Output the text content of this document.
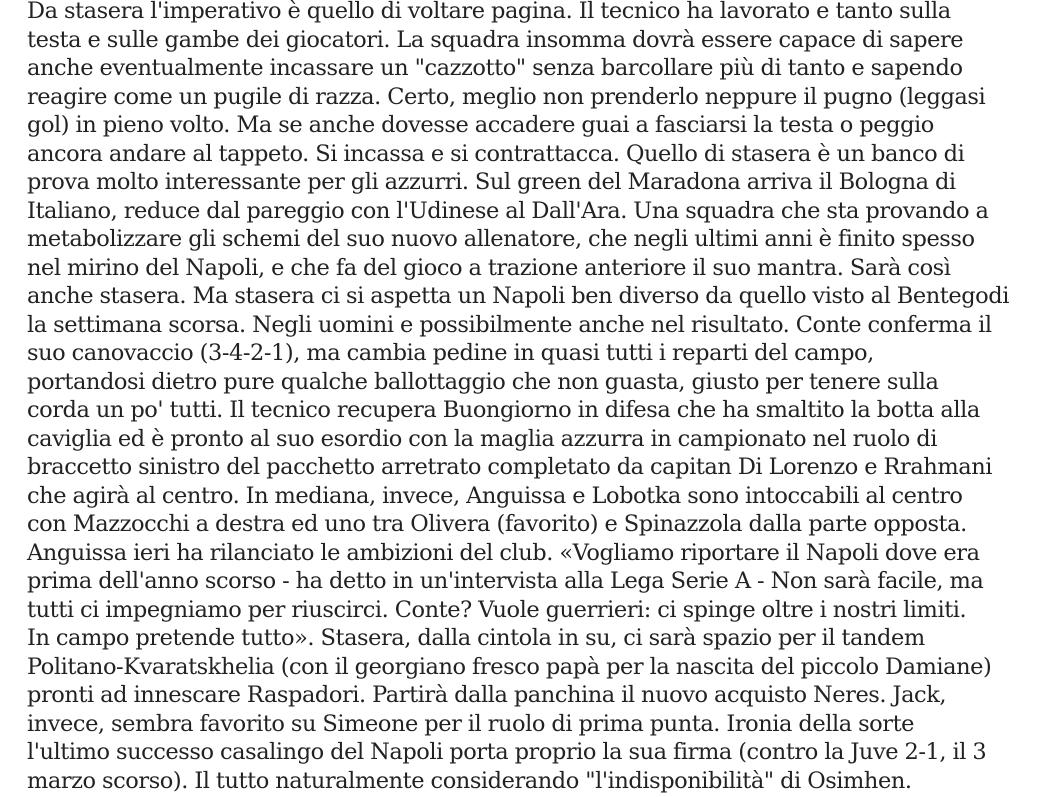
Da stasera l'imperativo è quello di voltare pagina. Il tecnico ha lavorato e tanto sulla
testa e sulle gambe dei giocatori. La squadra insomma dovrà essere capace di sapere
anche eventualmente incassare un "cazzotto" senza barcollare più di tanto e sapendo
reagire come un pugile di razza. Certo, meglio non prenderlo neppure il pugno (leggasi
gol) in pieno volto. Ma se anche dovesse accadere guai a fasciarsi la testa o peggio
ancora andare al tappeto. Si incassa e si contrattacca. Quello di stasera è un banco di
prova molto interessante per gli azzurri. Sul green del Maradona arriva il Bologna di
Italiano, reduce dal pareggio con l'Udinese al Dall'Ara. Una squadra che sta provando a
metabolizzare gli schemi del suo nuovo allenatore, che negli ultimi anni è finito spesso
nel mirino del Napoli, e che fa del gioco a trazione anteriore il suo mantra. Sarà così
anche stasera. Ma stasera ci si aspetta un Napoli ben diverso da quello visto al Bentegodi
la settimana scorsa. Negli uomini e possibilmente anche nel risultato. Conte conferma il
suo canovaccio (3-4-2-1), ma cambia pedine in quasi tutti i reparti del campo,
portandosi dietro pure qualche ballottaggio che non guasta, giusto per tenere sulla
corda un po' tutti. Il tecnico recupera Buongiorno in difesa che ha smaltito la botta alla
caviglia ed è pronto al suo esordio con la maglia azzurra in campionato nel ruolo di
braccetto sinistro del pacchetto arretrato completato da capitan Di Lorenzo e Rrahmani
che agirà al centro. In mediana, invece, Anguissa e Lobotka sono intoccabili al centro
con Mazzocchi a destra ed uno tra Olivera (favorito) e Spinazzola dalla parte opposta.
Anguissa ieri ha rilanciato le ambizioni del club. «Vogliamo riportare il Napoli dove era
prima dell'anno scorso - ha detto in un'intervista alla Lega Serie A - Non sarà facile, ma
tutti ci impegniamo per riuscirci. Conte? Vuole guerrieri: ci spinge oltre i nostri limiti.
In campo pretende tutto». Stasera, dalla cintola in su, ci sarà spazio per il tandem
Politano-Kvaratskhelia (con il georgiano fresco papà per la nascita del piccolo Damiane)
pronti ad innescare Raspadori. Partirà dalla panchina il nuovo acquisto Neres. Jack,
invece, sembra favorito su Simeone per il ruolo di prima punta. Ironia della sorte
l'ultimo successo casalingo del Napoli porta proprio la sua firma (contro la Juve 2-1, il 3
marzo scorso). Il tutto naturalmente considerando "l'indisponibilità" di Osimhen.
